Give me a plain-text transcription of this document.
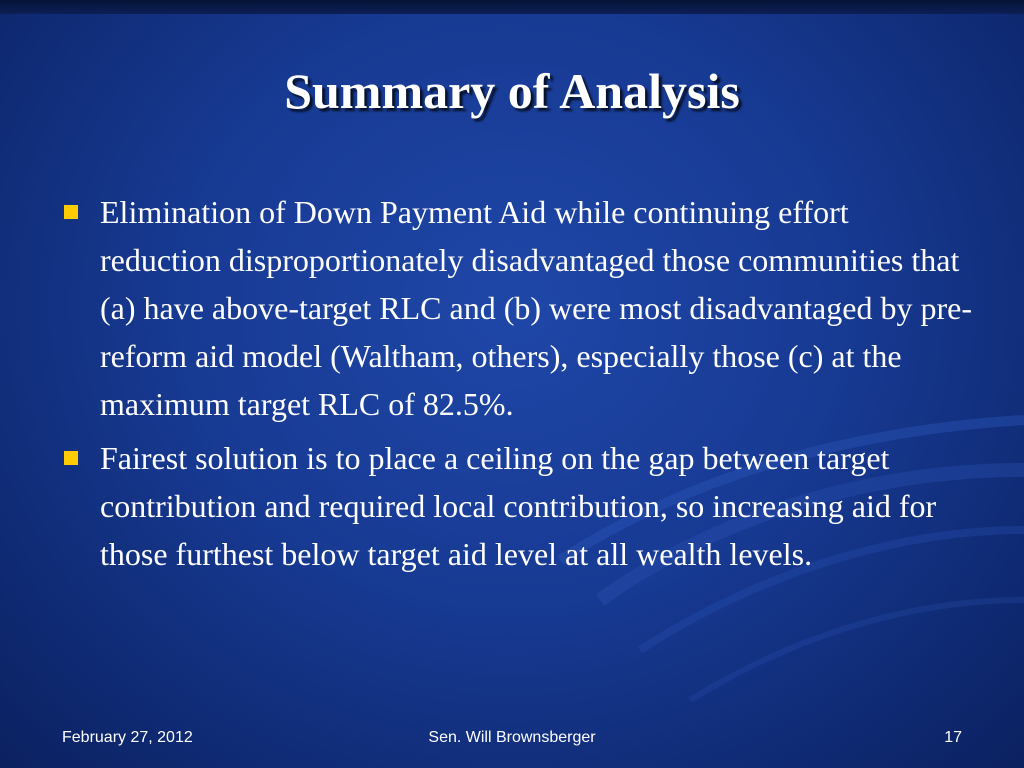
Summary of Analysis
Elimination of Down Payment Aid while continuing effort reduction disproportionately disadvantaged those communities that (a) have above-target RLC and (b) were most disadvantaged by pre-reform aid model (Waltham, others), especially those (c) at the maximum target RLC of 82.5%.
Fairest solution is to place a ceiling on the gap between target contribution and required local contribution, so increasing aid for those furthest below target aid level at all wealth levels.
February 27, 2012	Sen. Will Brownsberger	17
